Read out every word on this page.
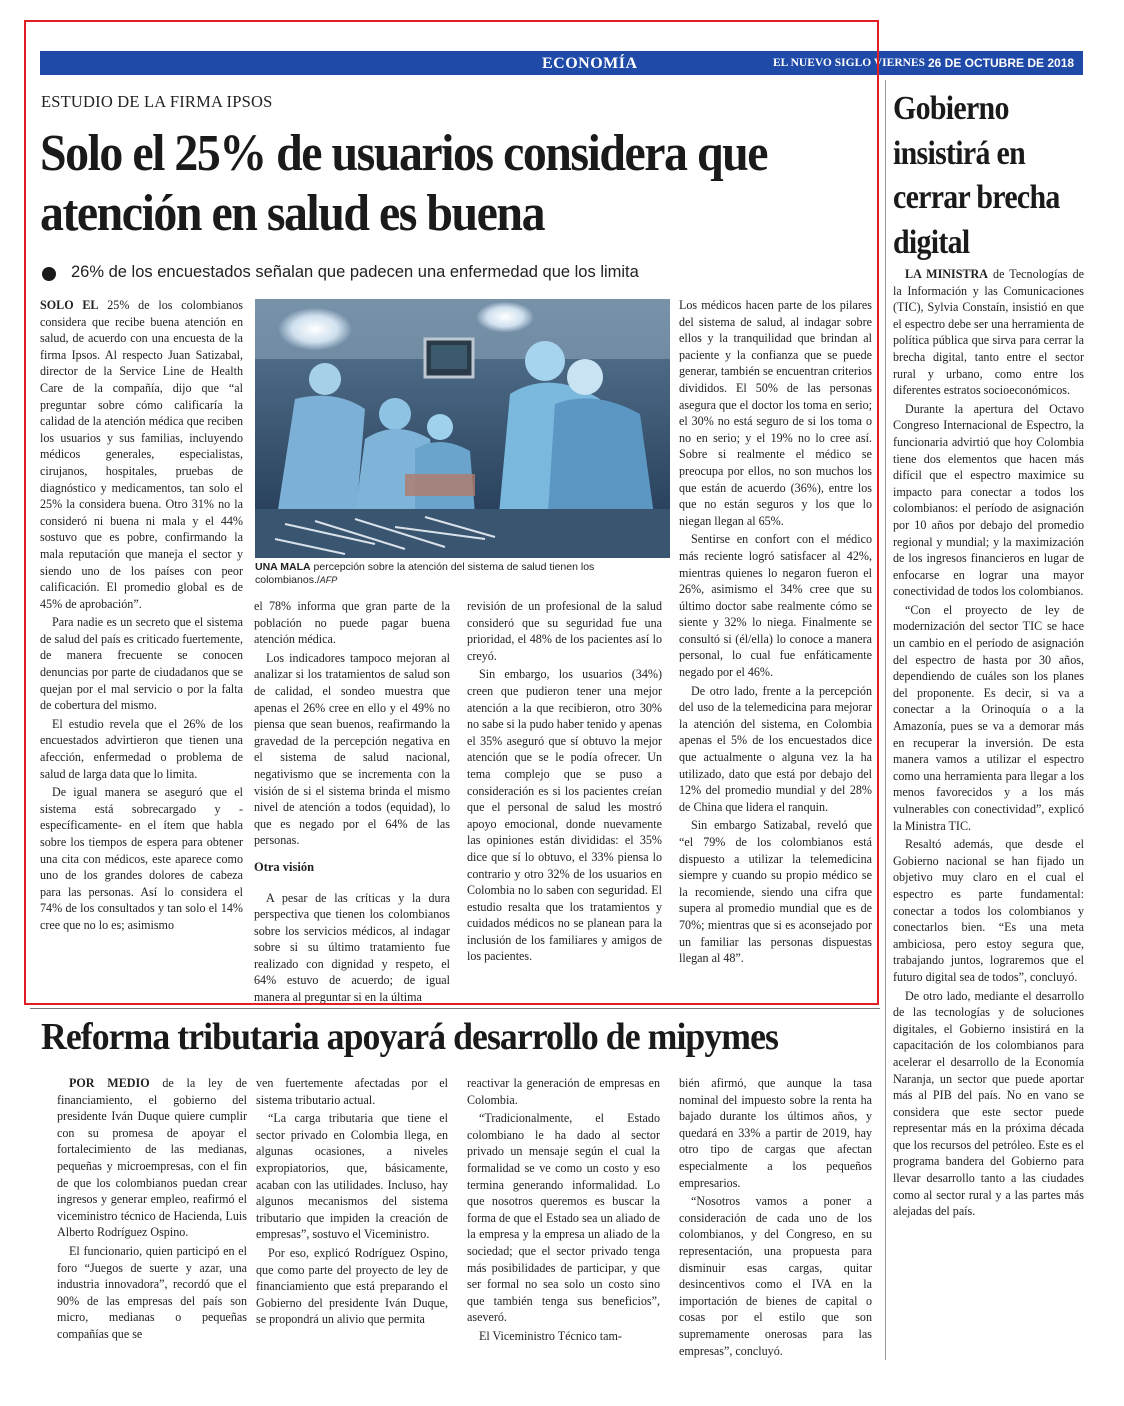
ECONOMÍA	EL NUEVO SIGLO VIERNES 26 DE OCTUBRE DE 2018 7B
ESTUDIO DE LA FIRMA IPSOS
Solo el 25% de usuarios considera que atención en salud es buena
26% de los encuestados señalan que padecen una enfermedad que los limita

SOLO EL 25% de los colombianos considera que recibe buena atención en salud, de acuerdo con una encuesta de la firma Ipsos. Al respecto Juan Satizabal, director de la Service Line de Health Care de la compañía, dijo que “al preguntar sobre cómo calificaría la calidad de la atención médica que reciben los usuarios y sus familias, incluyendo médicos generales, especialistas, cirujanos, hospitales, pruebas de diagnóstico y medicamentos, tan solo el 25% la considera buena. Otro 31% no la consideró ni buena ni mala y el 44% sostuvo que es pobre, confirmando la mala reputación que maneja el sector y siendo uno de los países con peor calificación. El promedio global es de 45% de aprobación”.

Para nadie es un secreto que el sistema de salud del país es criticado fuertemente, de manera frecuente se conocen denuncias por parte de ciudadanos que se quejan por el mal servicio o por la falta de cobertura del mismo.

El estudio revela que el 26% de los encuestados advirtieron que tienen una afección, enfermedad o problema de salud de larga data que lo limita.

De igual manera se aseguró que el sistema está sobrecargado y -específicamente- en el ítem que habla sobre los tiempos de espera para obtener una cita con médicos, este aparece como uno de los grandes dolores de cabeza para las personas. Así lo considera el 74% de los consultados y tan solo el 14% cree que no lo es; asimismo

UNA MALA percepción sobre la atención del sistema de salud tienen los colombianos./AFP

el 78% informa que gran parte de la población no puede pagar buena atención médica.

Los indicadores tampoco mejoran al analizar si los tratamientos de salud son de calidad, el sondeo muestra que apenas el 26% cree en ello y el 49% no piensa que sean buenos, reafirmando la gravedad de la percepción negativa en el sistema de salud nacional, negativismo que se incrementa con la visión de si el sistema brinda el mismo nivel de atención a todos (equidad), lo que es negado por el 64% de las personas.

Otra visión

A pesar de las críticas y la dura perspectiva que tienen los colombianos sobre los servicios médicos, al indagar sobre si su último tratamiento fue realizado con dignidad y respeto, el 64% estuvo de acuerdo; de igual manera al preguntar si en la última

revisión de un profesional de la salud consideró que su seguridad fue una prioridad, el 48% de los pacientes así lo creyó.

Sin embargo, los usuarios (34%) creen que pudieron tener una mejor atención a la que recibieron, otro 30% no sabe si la pudo haber tenido y apenas el 35% aseguró que sí obtuvo la mejor atención que se le podía ofrecer. Un tema complejo que se puso a consideración es si los pacientes creían que el personal de salud les mostró apoyo emocional, donde nuevamente las opiniones están divididas: el 35% dice que sí lo obtuvo, el 33% piensa lo contrario y otro 32% de los usuarios en Colombia no lo saben con seguridad. El estudio resalta que los tratamientos y cuidados médicos no se planean para la inclusión de los familiares y amigos de los pacientes.

Los médicos hacen parte de los pilares del sistema de salud, al indagar sobre ellos y la tranquilidad que brindan al paciente y la confianza que se puede generar, también se encuentran criterios divididos. El 50% de las personas asegura que el doctor los toma en serio; el 30% no está seguro de si los toma o no en serio; y el 19% no lo cree así. Sobre si realmente el médico se preocupa por ellos, no son muchos los que están de acuerdo (36%), entre los que no están seguros y los que lo niegan llegan al 65%.

Sentirse en confort con el médico más reciente logró satisfacer al 42%, mientras quienes lo negaron fueron el 26%, asimismo el 34% cree que su último doctor sabe realmente cómo se siente y 32% lo niega. Finalmente se consultó si (él/ella) lo conoce a manera personal, lo cual fue enfáticamente negado por el 46%.

De otro lado, frente a la percepción del uso de la telemedicina para mejorar la atención del sistema, en Colombia apenas el 5% de los encuestados dice que actualmente o alguna vez la ha utilizado, dato que está por debajo del 12% del promedio mundial y del 28% de China que lidera el ranquin.

Sin embargo Satizabal, reveló que “el 79% de los colombianos está dispuesto a utilizar la telemedicina siempre y cuando su propio médico se la recomiende, siendo una cifra que supera al promedio mundial que es de 70%; mientras que si es aconsejado por un familiar las personas dispuestas llegan al 48”.

Gobierno insistirá en cerrar brecha digital

LA MINISTRA de Tecnologías de la Información y las Comunicaciones (TIC), Sylvia Constaín, insistió en que el espectro debe ser una herramienta de política pública que sirva para cerrar la brecha digital, tanto entre el sector rural y urbano, como entre los diferentes estratos socioeconómicos.

Durante la apertura del Octavo Congreso Internacional de Espectro, la funcionaria advirtió que hoy Colombia tiene dos elementos que hacen más difícil que el espectro maximice su impacto para conectar a todos los colombianos: el período de asignación por 10 años por debajo del promedio regional y mundial; y la maximización de los ingresos financieros en lugar de enfocarse en lograr una mayor conectividad de todos los colombianos.

“Con el proyecto de ley de modernización del sector TIC se hace un cambio en el período de asignación del espectro de hasta por 30 años, dependiendo de cuáles son los planes del proponente. Es decir, si va a conectar a la Orinoquía o a la Amazonía, pues se va a demorar más en recuperar la inversión. De esta manera vamos a utilizar el espectro como una herramienta para llegar a los menos favorecidos y a los más vulnerables con conectividad”, explicó la Ministra TIC.

Resaltó además, que desde el Gobierno nacional se han fijado un objetivo muy claro en el cual el espectro es parte fundamental: conectar a todos los colombianos y conectarlos bien. “Es una meta ambiciosa, pero estoy segura que, trabajando juntos, lograremos que el futuro digital sea de todos”, concluyó.

De otro lado, mediante el desarrollo de las tecnologías y de soluciones digitales, el Gobierno insistirá en la capacitación de los colombianos para acelerar el desarrollo de la Economía Naranja, un sector que puede aportar más al PIB del país. No en vano se considera que este sector puede representar más en la próxima década que los recursos del petróleo. Este es el programa bandera del Gobierno para llevar desarrollo tanto a las ciudades como al sector rural y a las partes más alejadas del país.

Reforma tributaria apoyará desarrollo de mipymes

POR MEDIO de la ley de financiamiento, el gobierno del presidente Iván Duque quiere cumplir con su promesa de apoyar el fortalecimiento de las medianas, pequeñas y microempresas, con el fin de que los colombianos puedan crear ingresos y generar empleo, reafirmó el viceministro técnico de Hacienda, Luis Alberto Rodríguez Ospino.

El funcionario, quien participó en el foro “Juegos de suerte y azar, una industria innovadora”, recordó que el 90% de las empresas del país son micro, medianas o pequeñas compañías que se

ven fuertemente afectadas por el sistema tributario actual.

“La carga tributaria que tiene el sector privado en Colombia llega, en algunas ocasiones, a niveles expropiatorios, que, básicamente, acaban con las utilidades. Incluso, hay algunos mecanismos del sistema tributario que impiden la creación de empresas”, sostuvo el Viceministro.

Por eso, explicó Rodríguez Ospino, que como parte del proyecto de ley de financiamiento que está preparando el Gobierno del presidente Iván Duque, se propondrá un alivio que permita

reactivar la generación de empresas en Colombia.

“Tradicionalmente, el Estado colombiano le ha dado al sector privado un mensaje según el cual la formalidad se ve como un costo y eso termina generando informalidad. Lo que nosotros queremos es buscar la forma de que el Estado sea un aliado de la empresa y la empresa un aliado de la sociedad; que el sector privado tenga más posibilidades de participar, y que ser formal no sea solo un costo sino que también tenga sus beneficios”, aseveró.

El Viceministro Técnico tam-

bién afirmó, que aunque la tasa nominal del impuesto sobre la renta ha bajado durante los últimos años, y quedará en 33% a partir de 2019, hay otro tipo de cargas que afectan especialmente a los pequeños empresarios.

“Nosotros vamos a poner a consideración de cada uno de los colombianos, y del Congreso, en su representación, una propuesta para disminuir esas cargas, quitar desincentivos como el IVA en la importación de bienes de capital o cosas por el estilo que son supremamente onerosas para las empresas”, concluyó.
